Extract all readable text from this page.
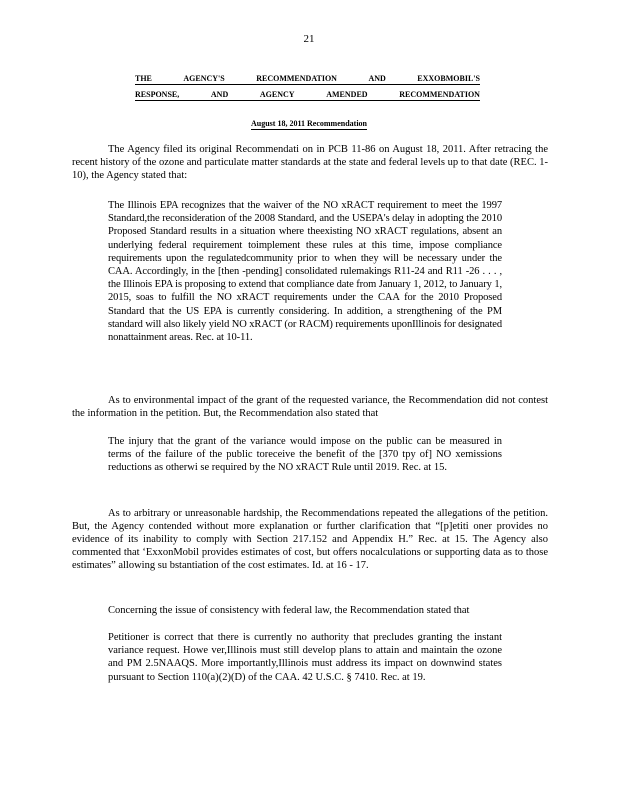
21
THE	AGENCY'S	RECOMMENDATION	AND	EXXOBMOBIL'S
RESPONSE,	AND	AGENCY	AMENDED	RECOMMENDATION
August 18, 2011 Recommendation

The Agency filed its original Recommendati on in PCB 11-86 on August 18, 2011. After retracing the recent history of the ozone and particulate matter standards at the state and federal levels up to that date (REC. 1-10), the Agency stated that:

The Illinois EPA recognizes that the waiver of the NO xRACT requirement to meet the 1997 Standard,the reconsideration of the 2008 Standard, and the USEPA's delay in adopting the 2010 Proposed Standard results in a situation where theexisting NO xRACT regulations, absent an underlying federal requirement toimplement these rules at this time, impose compliance requirements upon the regulatedcommunity prior to when they will be necessary under the CAA. Accordingly, in the [then -pending] consolidated rulemakings R11-24 and R11 -26 . . . , the Illinois EPA is proposing to extend that compliance date from January 1, 2012, to January 1, 2015, soas to fulfill the NO xRACT requirements under the CAA for the 2010 Proposed Standard that the US EPA is currently considering. In addition, a strengthening of the PM standard will also likely yield NO xRACT (or RACM) requirements uponIllinois for designated nonattainment areas. Rec. at 10-11.

As to environmental impact of the grant of the requested variance, the Recommendation did not contest the information in the petition. But, the Recommendation also stated that

The injury that the grant of the variance would impose on the public can be measured in terms of the failure of the public toreceive the benefit of the [370 tpy of] NO xemissions reductions as otherwi se required by the NO xRACT Rule until 2019. Rec. at 15.

As to arbitrary or unreasonable hardship, the Recommendations repeated the allegations of the petition. But, the Agency contended without more explanation or further clarification that “[p]etiti oner provides no evidence of its inability to comply with Section 217.152 and Appendix H.” Rec. at 15. The Agency also commented that ‘ExxonMobil provides estimates of cost, but offers nocalculations or supporting data as to those estimates” allowing su bstantiation of the cost estimates. Id. at 16 - 17.

Concerning the issue of consistency with federal law, the Recommendation stated that

Petitioner is correct that there is currently no authority that precludes granting the instant variance request. Howe ver,Illinois must still develop plans to attain and maintain the ozone and PM 2.5NAAQS. More importantly,Illinois must address its impact on downwind states pursuant to Section 110(a)(2)(D) of the CAA. 42 U.S.C. § 7410. Rec. at 19.
